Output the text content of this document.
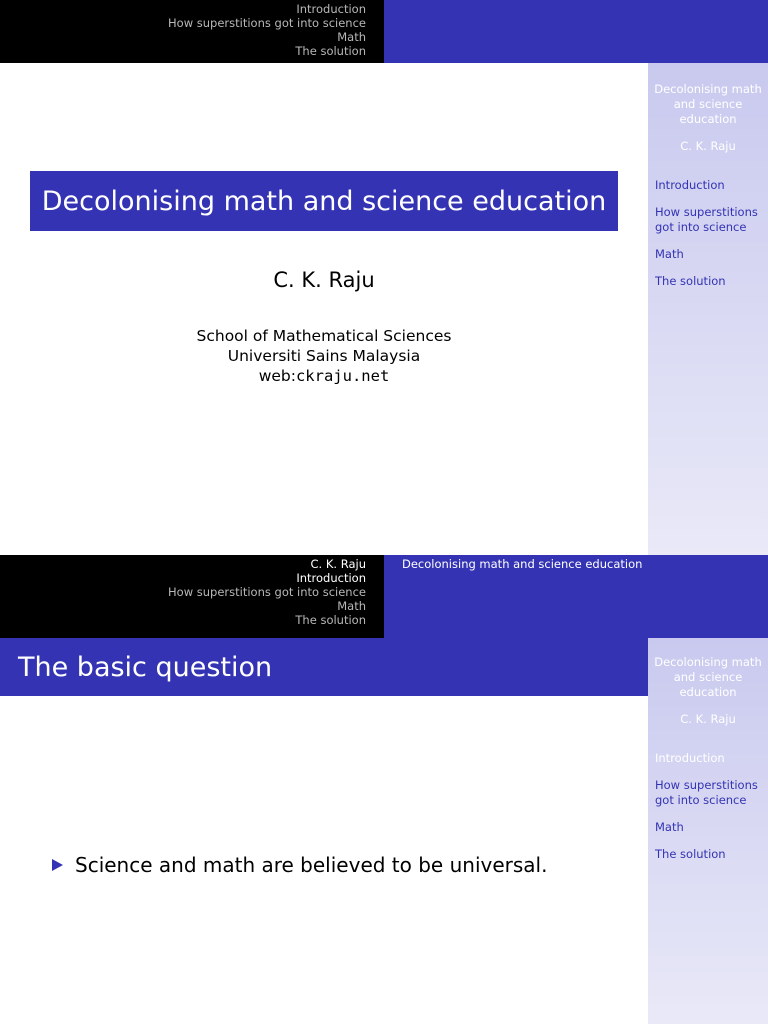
Introduction
How superstitions got into science
Math
The solution
Decolonising math and science education
C. K. Raju
Introduction
How superstitions got into science
Math
The solution
Decolonising math and science education
C. K. Raju
School of Mathematical Sciences
Universiti Sains Malaysia
web:ckraju.net
C. K. Raju
Introduction
How superstitions got into science
Math
The solution
Decolonising math and science education
The basic question	Decolonising math and science education
C. K. Raju
Introduction
How superstitions got into science
Math
The solution
Science and math are believed to be universal.
